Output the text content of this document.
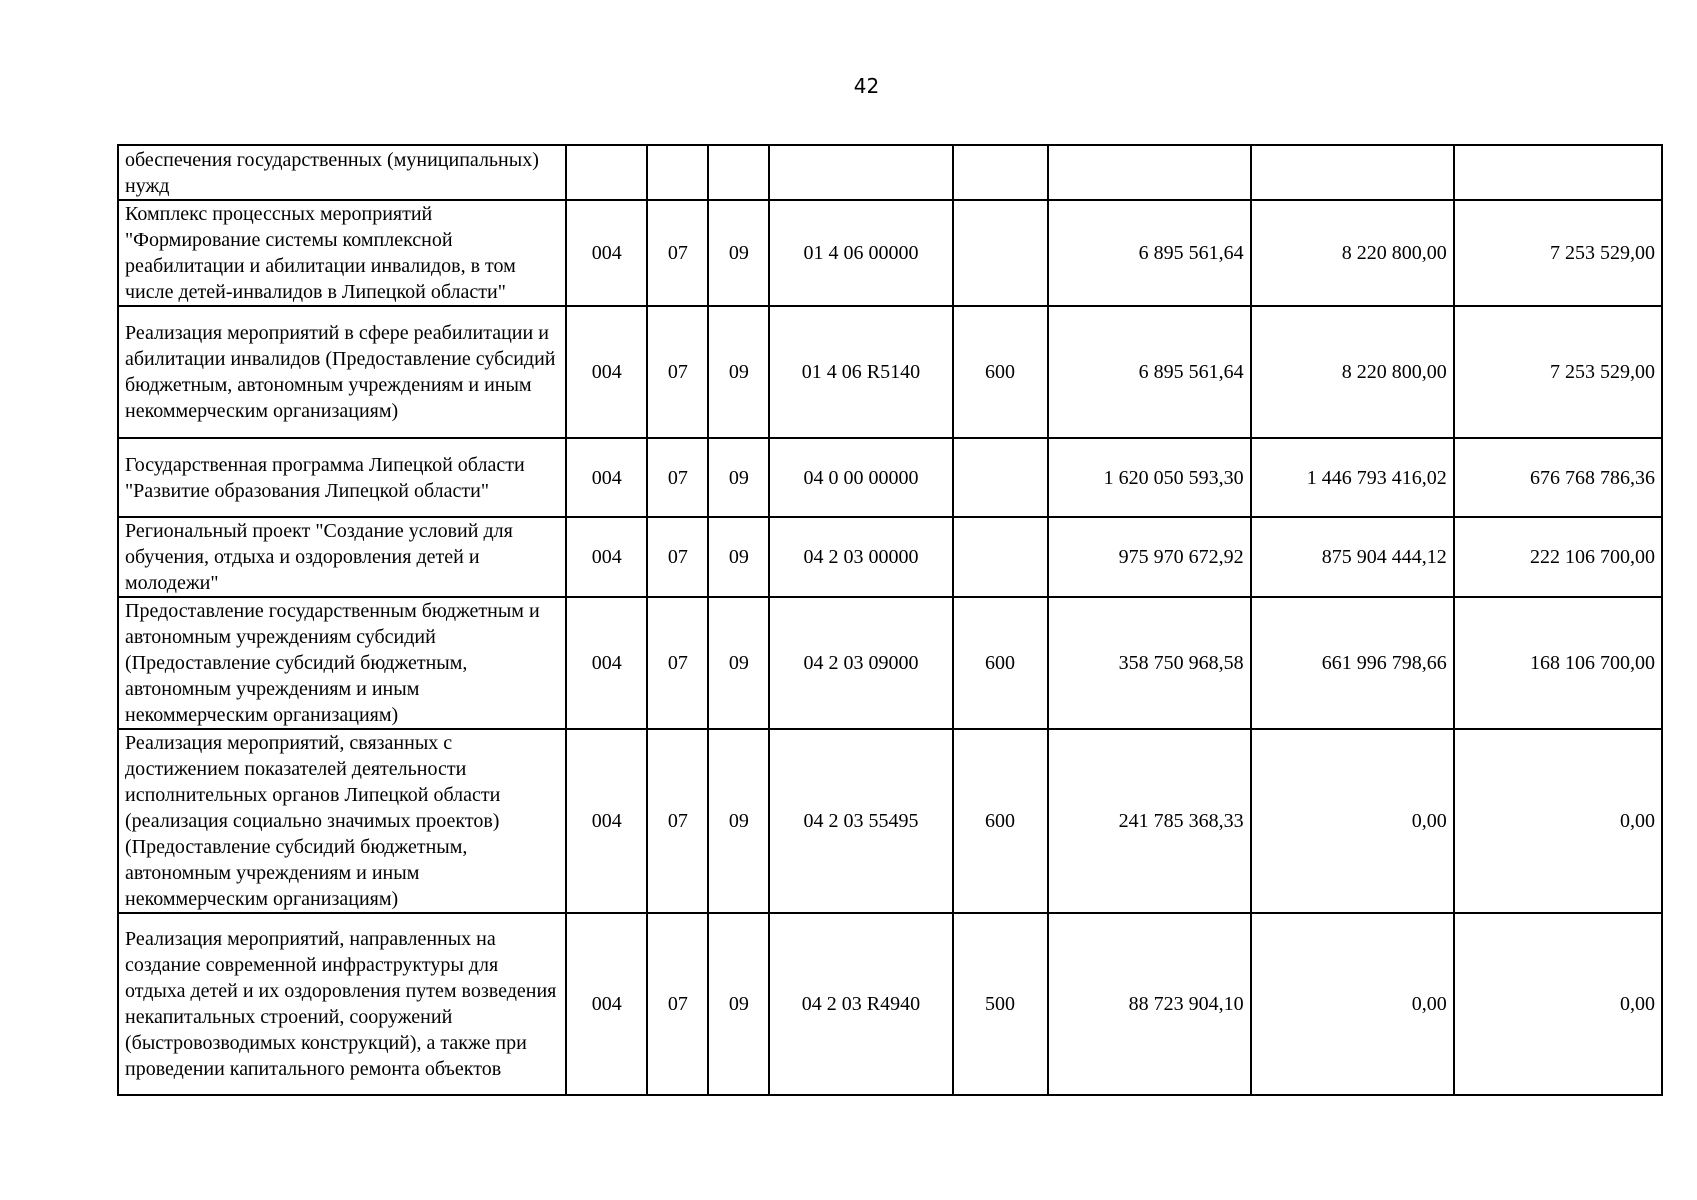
42
обеспечения государственных (муниципальных) нужд								
Комплекс процессных мероприятий "Формирование системы комплексной реабилитации и абилитации инвалидов, в том числе детей-инвалидов в Липецкой области"	004	07	09	01 4 06 00000		6 895 561,64	8 220 800,00	7 253 529,00
Реализация мероприятий в сфере реабилитации и абилитации инвалидов (Предоставление субсидий бюджетным, автономным учреждениям и иным некоммерческим организациям)	004	07	09	01 4 06 R5140	600	6 895 561,64	8 220 800,00	7 253 529,00
Государственная программа Липецкой области "Развитие образования Липецкой области"	004	07	09	04 0 00 00000		1 620 050 593,30	1 446 793 416,02	676 768 786,36
Региональный проект "Создание условий для обучения, отдыха и оздоровления детей и молодежи"	004	07	09	04 2 03 00000		975 970 672,92	875 904 444,12	222 106 700,00
Предоставление государственным бюджетным и автономным учреждениям субсидий (Предоставление субсидий бюджетным, автономным учреждениям и иным некоммерческим организациям)	004	07	09	04 2 03 09000	600	358 750 968,58	661 996 798,66	168 106 700,00
Реализация мероприятий, связанных с достижением показателей деятельности исполнительных органов Липецкой области (реализация социально значимых проектов) (Предоставление субсидий бюджетным, автономным учреждениям и иным некоммерческим организациям)	004	07	09	04 2 03 55495	600	241 785 368,33	0,00	0,00
Реализация мероприятий, направленных на создание современной инфраструктуры для отдыха детей и их оздоровления путем возведения некапитальных строений, сооружений (быстровозводимых конструкций), а также при проведении капитального ремонта объектов	004	07	09	04 2 03 R4940	500	88 723 904,10	0,00	0,00
